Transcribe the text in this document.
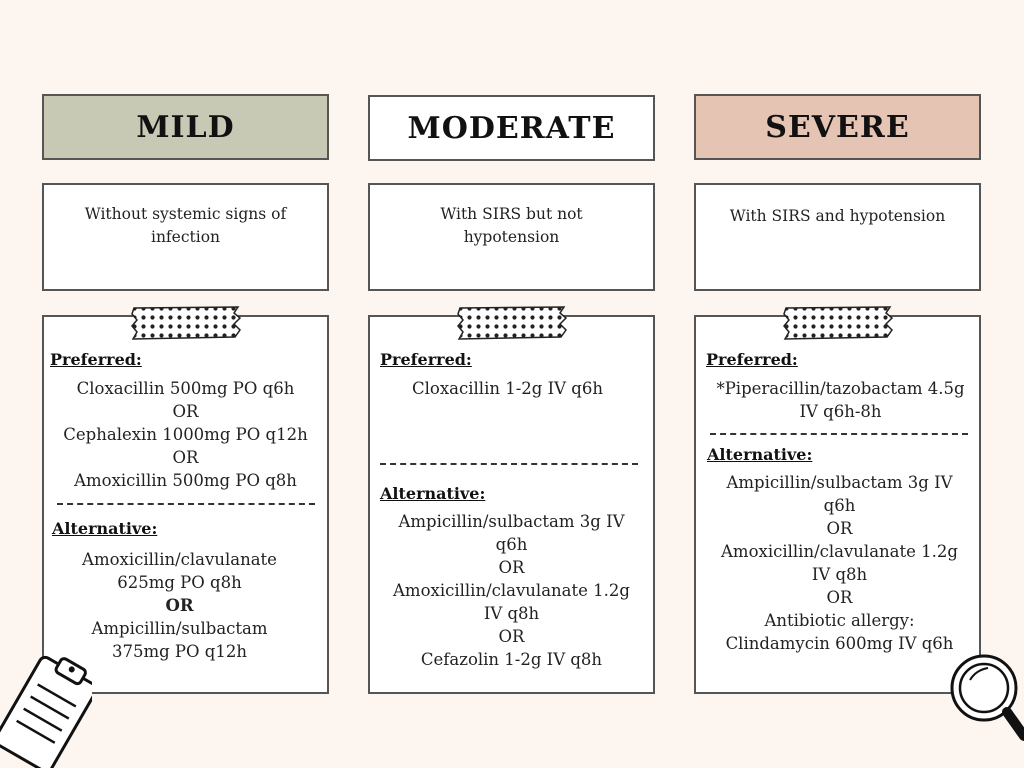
MILD
Without systemic signs of
infection
Preferred:
Cloxacillin 500mg PO q6h
OR
Cephalexin 1000mg PO q12h
OR
Amoxicillin 500mg PO q8h
Alternative:
Amoxicillin/clavulanate
625mg PO q8h
OR
Ampicillin/sulbactam
375mg PO q12h
MODERATE
With SIRS but not
hypotension
Preferred:
Cloxacillin 1-2g IV q6h
Alternative:
Ampicillin/sulbactam 3g IV
q6h
OR
Amoxicillin/clavulanate 1.2g
IV q8h
OR
Cefazolin 1-2g IV q8h
SEVERE
With SIRS and hypotension
Preferred:
*Piperacillin/tazobactam 4.5g
IV q6h-8h
Alternative:
Ampicillin/sulbactam 3g IV
q6h
OR
Amoxicillin/clavulanate 1.2g
IV q8h
OR
Antibiotic allergy:
Clindamycin 600mg IV q6h
